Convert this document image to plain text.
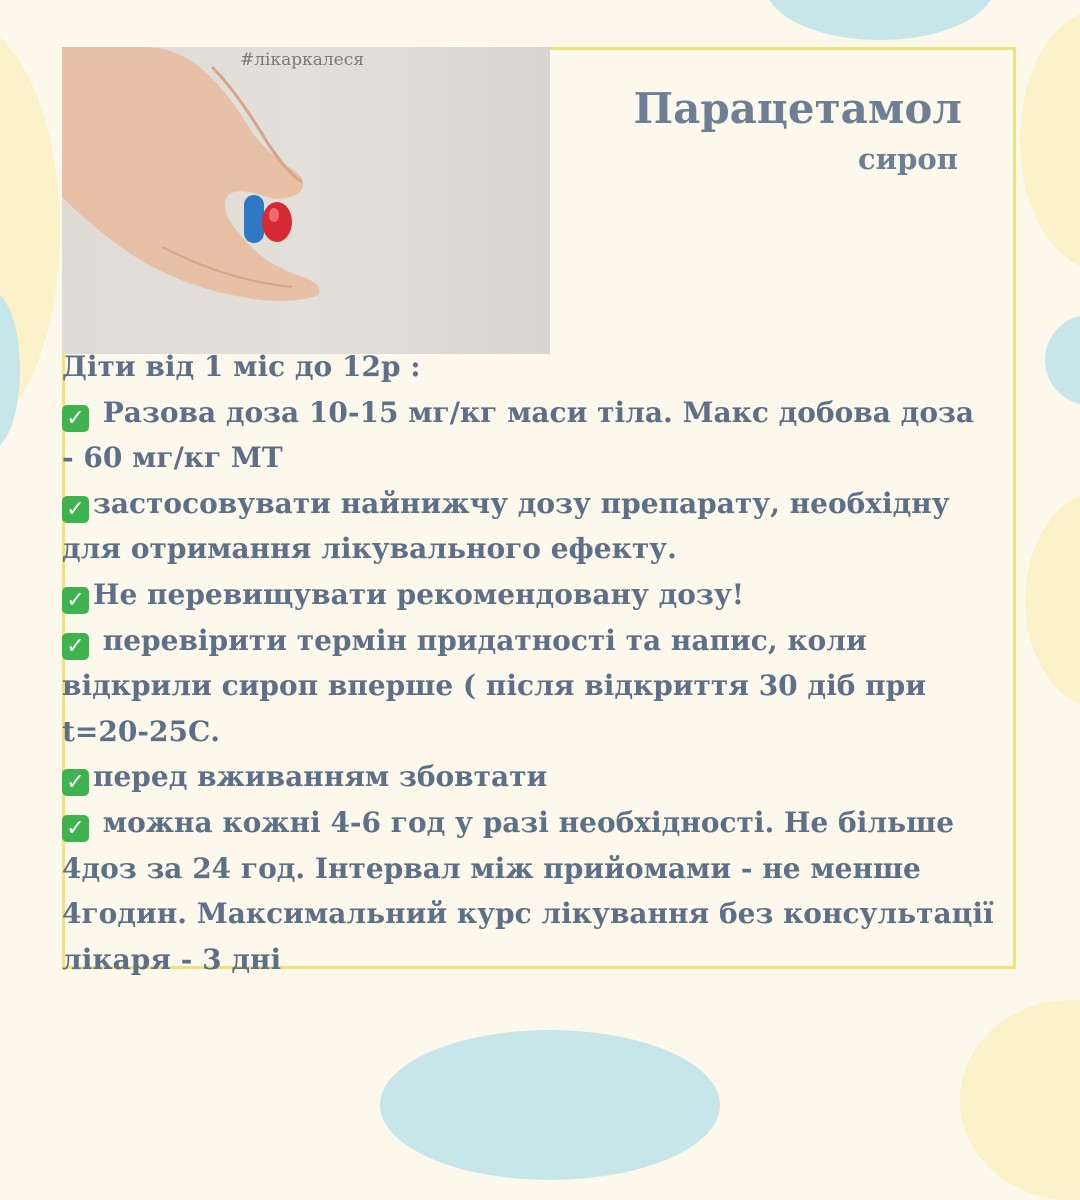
#лікаркалеся
Парацетамол
сироп
Діти від 1 міс до 12р :
✓ Разова доза 10-15 мг/кг маси тіла. Макс добова доза
- 60 мг/кг МТ
✓ застосовувати найнижчу дозу препарату, необхідну
для отримання лікувального ефекту.
✓ Не перевищувати рекомендовану дозу!
✓ перевірити термін придатності та напис, коли
відкрили сироп вперше ( після відкриття 30 діб при
t=20-25С.
✓ перед вживанням збовтати
✓ можна кожні 4-6 год у разі необхідності. Не більше
4доз за 24 год. Інтервал між прийомами - не менше
4годин. Максимальний курс лікування без консультації
лікаря - 3 дні
